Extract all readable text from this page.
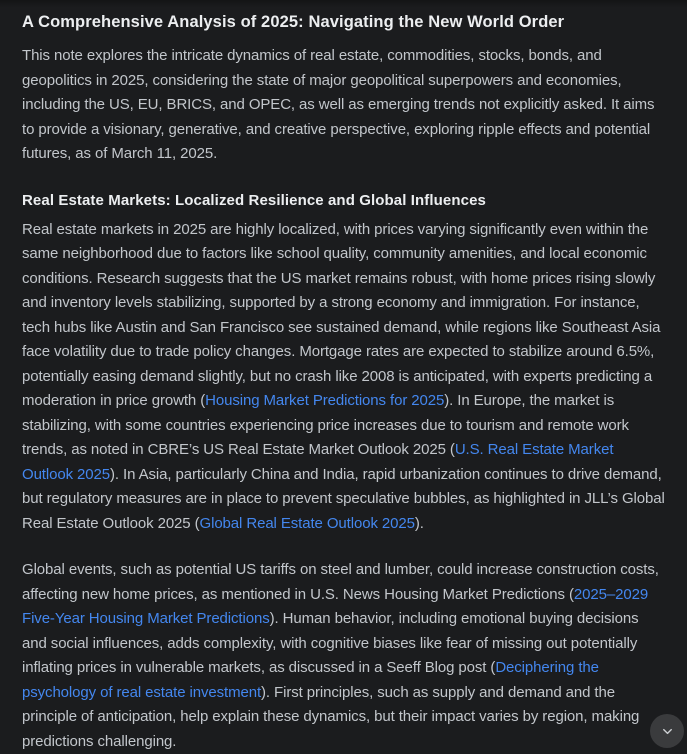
A Comprehensive Analysis of 2025: Navigating the New World Order

This note explores the intricate dynamics of real estate, commodities, stocks, bonds, and geopolitics in 2025, considering the state of major geopolitical superpowers and economies, including the US, EU, BRICS, and OPEC, as well as emerging trends not explicitly asked. It aims to provide a visionary, generative, and creative perspective, exploring ripple effects and potential futures, as of March 11, 2025.

Real Estate Markets: Localized Resilience and Global Influences

Real estate markets in 2025 are highly localized, with prices varying significantly even within the same neighborhood due to factors like school quality, community amenities, and local economic conditions. Research suggests that the US market remains robust, with home prices rising slowly and inventory levels stabilizing, supported by a strong economy and immigration. For instance, tech hubs like Austin and San Francisco see sustained demand, while regions like Southeast Asia face volatility due to trade policy changes. Mortgage rates are expected to stabilize around 6.5%, potentially easing demand slightly, but no crash like 2008 is anticipated, with experts predicting a moderation in price growth (Housing Market Predictions for 2025). In Europe, the market is stabilizing, with some countries experiencing price increases due to tourism and remote work trends, as noted in CBRE’s US Real Estate Market Outlook 2025 (U.S. Real Estate Market Outlook 2025). In Asia, particularly China and India, rapid urbanization continues to drive demand, but regulatory measures are in place to prevent speculative bubbles, as highlighted in JLL’s Global Real Estate Outlook 2025 (Global Real Estate Outlook 2025).

Global events, such as potential US tariffs on steel and lumber, could increase construction costs, affecting new home prices, as mentioned in U.S. News Housing Market Predictions (2025–2029 Five-Year Housing Market Predictions). Human behavior, including emotional buying decisions and social influences, adds complexity, with cognitive biases like fear of missing out potentially inflating prices in vulnerable markets, as discussed in a Seeff Blog post (Deciphering the psychology of real estate investment). First principles, such as supply and demand and the principle of anticipation, help explain these dynamics, but their impact varies by region, making predictions challenging.
